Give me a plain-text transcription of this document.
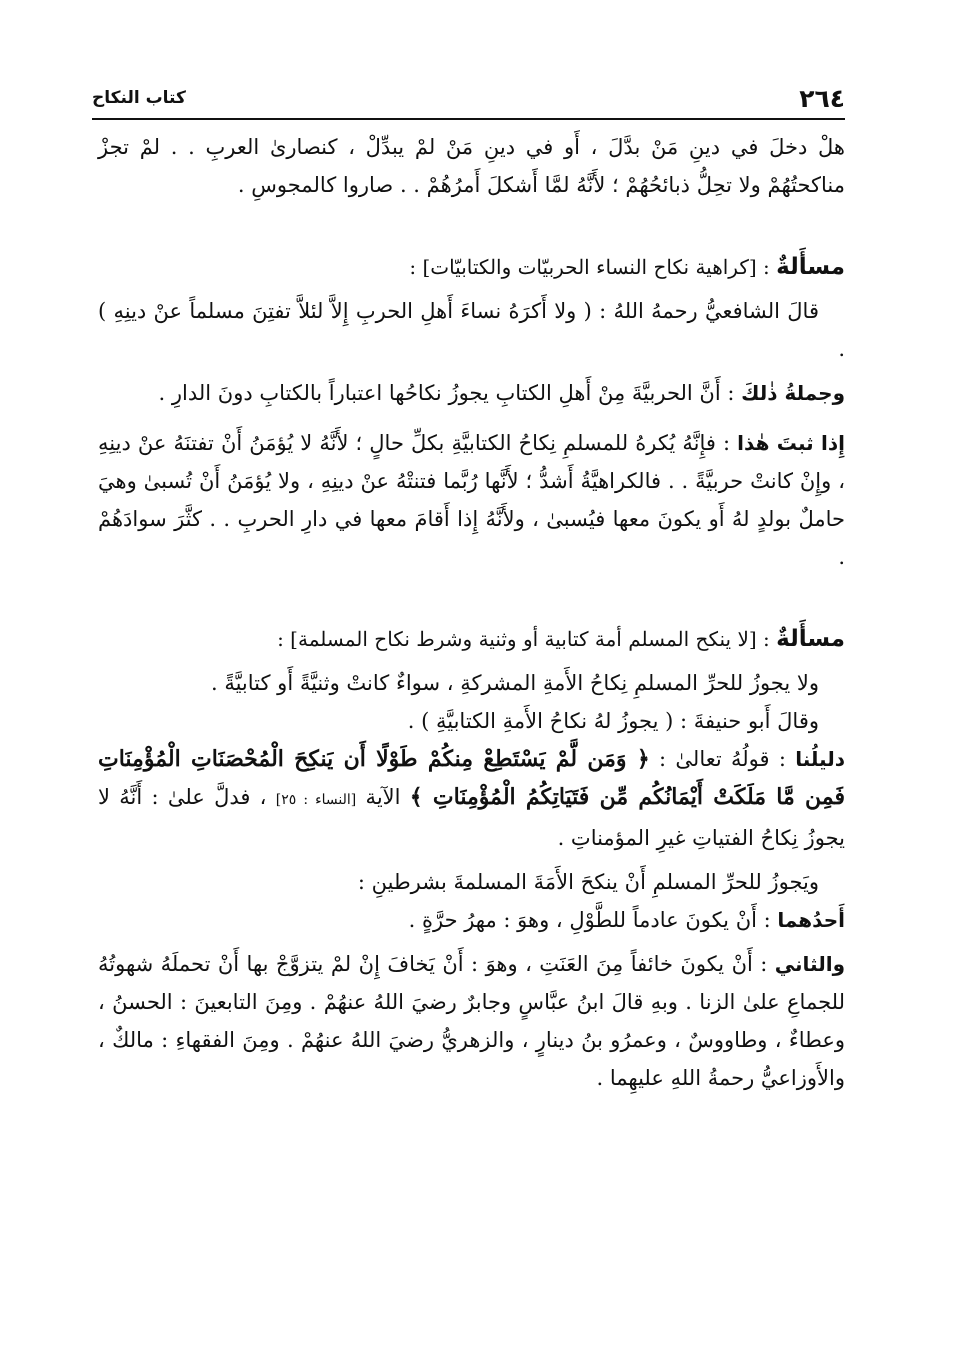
٢٦٤
كتاب النكاح

هلْ دخلَ في دينِ مَنْ بدَّلَ ، أَو في دينِ مَنْ لمْ يبدِّلْ ، كنصارىٰ العربِ . . لمْ تجزْ مناكحتُهُمْ ولا تحِلُّ ذبائحُهُمْ ؛ لأَنَّهُ لمَّا أَشكلَ أَمرُهُمْ . . صاروا كالمجوسِ .

مسأَلةٌ : [كراهية نكاح النساء الحربيّات والكتابيّات] :

قالَ الشافعيُّ رحمهُ اللهُ : ( ولا أَكرَهُ نساءَ أَهلِ الحربِ إِلاَّ لئلاَّ تفتِنَ مسلماً عنْ دينِهِ ) .

وجملةُ ذٰلكَ : أَنَّ الحربيَّةَ مِنْ أَهلِ الكتابِ يجوزُ نكاحُها اعتباراً بالكتابِ دونَ الدارِ .

إِذا ثبتَ هٰذا : فإِنَّهُ يُكرهُ للمسلمِ نِكاحُ الكتابيَّةِ بكلِّ حالٍ ؛ لأَنَّهُ لا يُؤمَنُ أَنْ تفتنَهُ عنْ دينِهِ ، وإِنْ كانتْ حربيَّةً . . فالكراهيَّةُ أَشدُّ ؛ لأَنَّها رُبَّما فتنتْهُ عنْ دينِهِ ، ولا يُؤمَنُ أَنْ تُسبىٰ وهيَ حاملٌ بولدٍ لهُ أَو يكونَ معها فيُسبىٰ ، ولأَنَّهُ إِذا أَقامَ معها في دارِ الحربِ . . كثَّرَ سوادَهُمْ .

مسأَلةٌ : [لا ينكح المسلم أمة كتابية أو وثنية وشرط نكاح المسلمة] :

ولا يجوزُ للحرِّ المسلمِ نِكاحُ الأَمةِ المشركةِ ، سواءٌ كانتْ وثنيَّةً أَو كتابيَّةً .

وقالَ أَبو حنيفةَ : ( يجوزُ لهُ نكاحُ الأَمةِ الكتابيَّةِ ) .

دليلُنا : قولُهُ تعالىٰ : ﴿ وَمَن لَّمْ يَسْتَطِعْ مِنكُمْ طَوْلًا أَن يَنكِحَ الْمُحْصَنَاتِ الْمُؤْمِنَاتِ فَمِن مَّا مَلَكَتْ أَيْمَانُكُم مِّن فَتَيَاتِكُمُ الْمُؤْمِنَاتِ ﴾ الآية [النساء : ٢٥] ، فدلَّ علىٰ : أَنَّهُ لا يجوزُ نِكاحُ الفتياتِ غيرِ المؤمناتِ .

ويَجوزُ للحرِّ المسلمِ أَنْ ينكحَ الأَمَةَ المسلمةَ بشرطينِ :

أَحدُهما : أَنْ يكونَ عادماً للطَّوْلِ ، وهوَ : مهرُ حرَّةٍ .

والثاني : أَنْ يكونَ خائفاً مِنَ العَنَتِ ، وهوَ : أَنْ يَخافَ إِنْ لمْ يتزوَّجْ بها أَنْ تحملَهُ شهوتُهُ للجماعِ علىٰ الزنا . وبهِ قالَ ابنُ عبَّاسٍ وجابرٌ رضيَ اللهُ عنهُمْ . ومِنَ التابعينَ : الحسنُ ، وعطاءٌ ، وطاووسٌ ، وعمرُو بنُ دينارٍ ، والزهريُّ رضيَ اللهُ عنهُمْ . ومِنَ الفقهاءِ : مالكٌ ، والأَوزاعيُّ رحمةُ اللهِ عليهِما .
